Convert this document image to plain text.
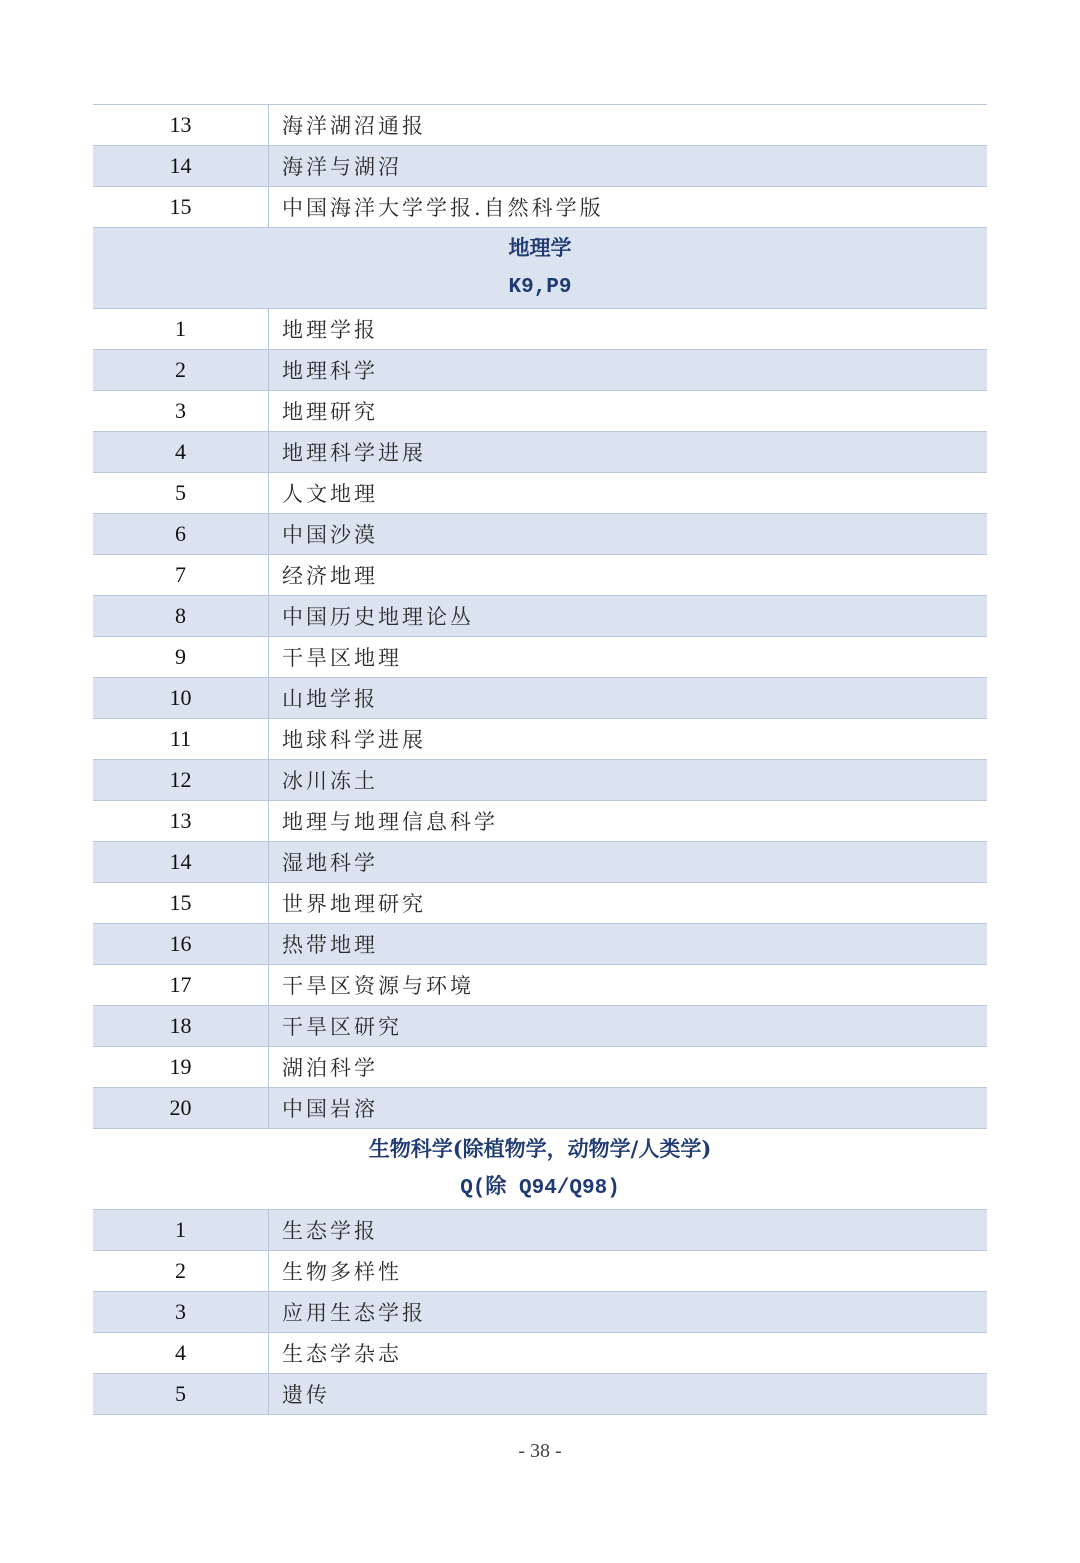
13	海洋湖沼通报
14	海洋与湖沼
15	中国海洋大学学报.自然科学版
地理学
K9,P9
1	地理学报
2	地理科学
3	地理研究
4	地理科学进展
5	人文地理
6	中国沙漠
7	经济地理
8	中国历史地理论丛
9	干旱区地理
10	山地学报
11	地球科学进展
12	冰川冻土
13	地理与地理信息科学
14	湿地科学
15	世界地理研究
16	热带地理
17	干旱区资源与环境
18	干旱区研究
19	湖泊科学
20	中国岩溶
生物科学(除植物学，动物学/人类学)
Q(除 Q94/Q98)
1	生态学报
2	生物多样性
3	应用生态学报
4	生态学杂志
5	遗传
- 38 -
